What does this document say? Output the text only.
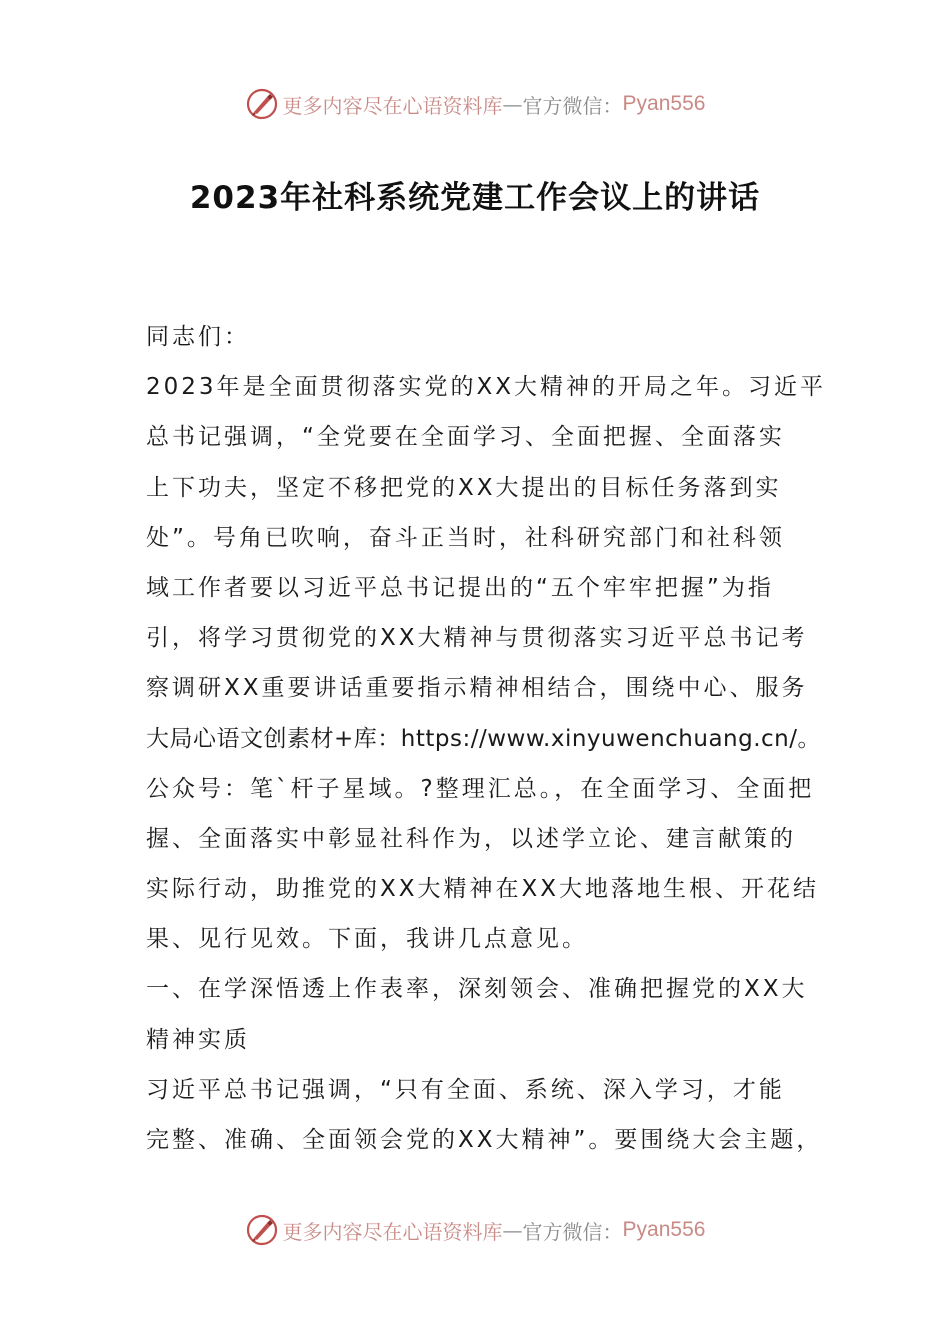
更多内容尽在心语资料库 — 官方微信： Pyan556
2023年社科系统党建工作会议上的讲话
同志们：
2023年是全面贯彻落实党的XX大精神的开局之年。习近平
总书记强调，“全党要在全面学习、全面把握、全面落实
上下功夫，坚定不移把党的XX大提出的目标任务落到实
处”。号角已吹响，奋斗正当时，社科研究部门和社科领
域工作者要以习近平总书记提出的“五个牢牢把握”为指
引，将学习贯彻党的XX大精神与贯彻落实习近平总书记考
察调研XX重要讲话重要指示精神相结合，围绕中心、服务
大局心语文创素材+库：https://www.xinyuwenchuang.cn/。
公众号：笔`杆子星域。?整理汇总。，在全面学习、全面把
握、全面落实中彰显社科作为，以述学立论、建言献策的
实际行动，助推党的XX大精神在XX大地落地生根、开花结
果、见行见效。下面，我讲几点意见。
一、在学深悟透上作表率，深刻领会、准确把握党的XX大
精神实质
习近平总书记强调，“只有全面、系统、深入学习，才能
完整、准确、全面领会党的XX大精神”。要围绕大会主题，
更多内容尽在心语资料库 — 官方微信： Pyan556
